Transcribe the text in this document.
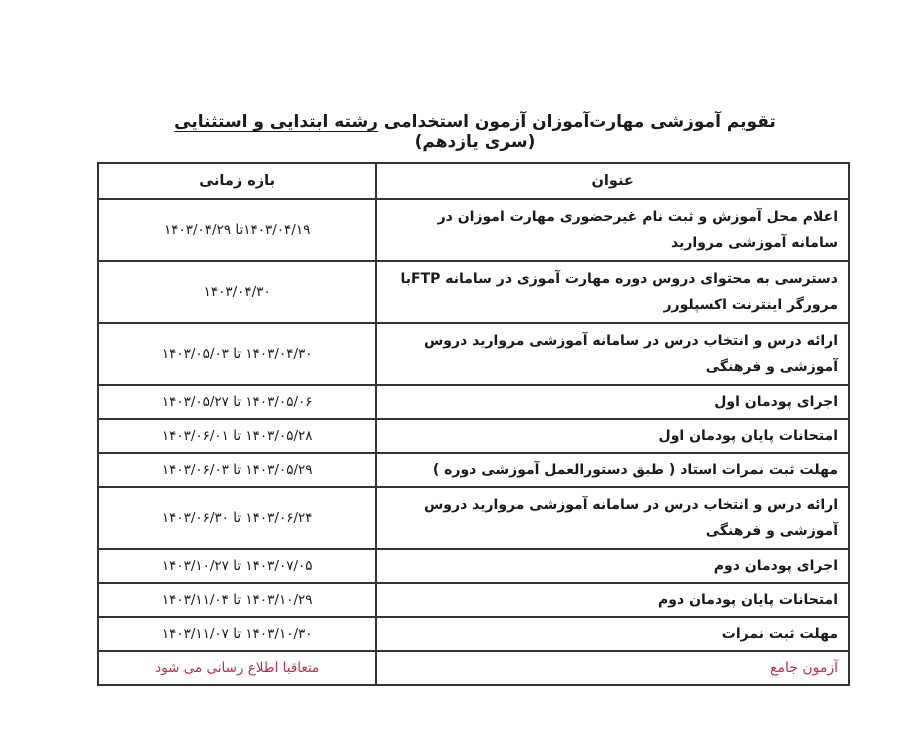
تقویم آموزشی مهارت‌آموزان آزمون استخدامی رشته ابتدایی و استثنایی (سری یازدهم)
عنوان	بازه زمانی
اعلام محل آموزش و ثبت نام غیرحضوری مهارت اموزان در سامانه آموزشی مروارید	۱۴۰۳/۰۴/۱۹تا ۱۴۰۳/۰۴/۲۹
دسترسی به محتوای دروس دوره مهارت آموزی در سامانه FTPبا مرورگر اینترنت اکسپلورر	۱۴۰۳/۰۴/۳۰
ارائه درس و انتخاب درس در سامانه آموزشی مروارید دروس آموزشی و فرهنگی	۱۴۰۳/۰۴/۳۰ تا ۱۴۰۳/۰۵/۰۳
اجرای پودمان اول	۱۴۰۳/۰۵/۰۶ تا ۱۴۰۳/۰۵/۲۷
امتحانات پایان پودمان اول	۱۴۰۳/۰۵/۲۸ تا ۱۴۰۳/۰۶/۰۱
مهلت ثبت نمرات استاد ( طبق دستورالعمل آموزشی دوره )	۱۴۰۳/۰۵/۲۹ تا ۱۴۰۳/۰۶/۰۳
ارائه درس و انتخاب درس در سامانه آموزشی مروارید دروس آموزشی و فرهنگی	۱۴۰۳/۰۶/۲۴ تا ۱۴۰۳/۰۶/۳۰
اجرای پودمان دوم	۱۴۰۳/۰۷/۰۵ تا ۱۴۰۳/۱۰/۲۷
امتحانات پایان پودمان دوم	۱۴۰۳/۱۰/۲۹ تا ۱۴۰۳/۱۱/۰۴
مهلت ثبت نمرات	۱۴۰۳/۱۰/۳۰ تا ۱۴۰۳/۱۱/۰۷
آزمون جامع	متعاقبا اطلاع رسانی می شود
